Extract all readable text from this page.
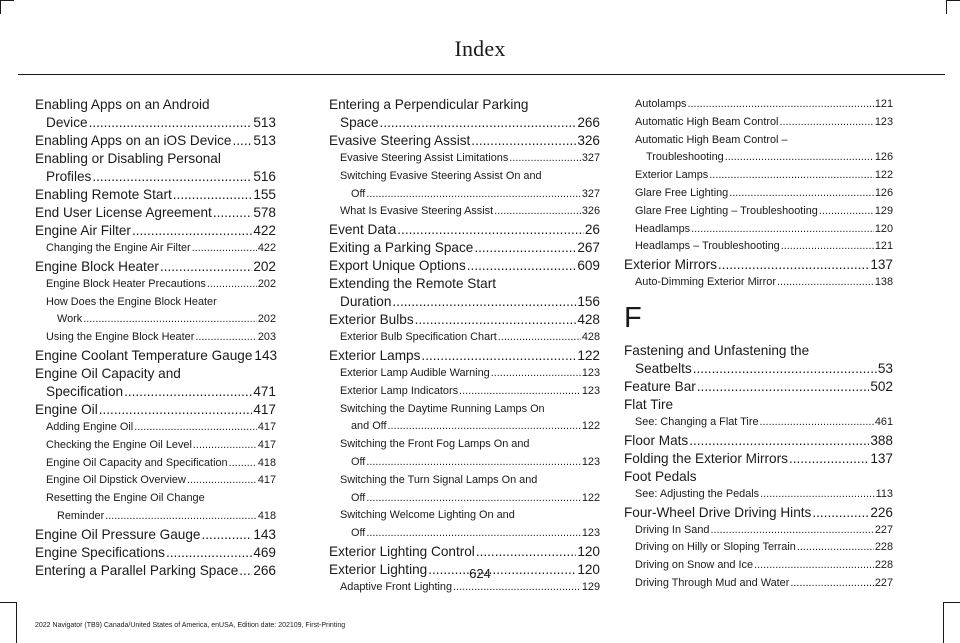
Index
Enabling Apps on an Android
Device .....	513
Enabling Apps on an iOS Device ..... 513
Enabling or Disabling Personal
Profiles .....	516
Enabling Remote Start .....	155
End User License Agreement .....	578
Engine Air Filter .....	422
Changing the Engine Air Filter .....	422
Engine Block Heater .....	202
Engine Block Heater Precautions .....	202
How Does the Engine Block Heater
Work .....	202
Using the Engine Block Heater .....	203
Engine Coolant Temperature Gauge 143
Engine Oil Capacity and
Specification .....	471
Engine Oil .....	417
Adding Engine Oil .....	417
Checking the Engine Oil Level .....	417
Engine Oil Capacity and Specification .....	418
Engine Oil Dipstick Overview .....	417
Resetting the Engine Oil Change
Reminder .....	418
Engine Oil Pressure Gauge .....	143
Engine Specifications .....	469
Entering a Parallel Parking Space ..... 266
Entering a Perpendicular Parking
Space .....	266
Evasive Steering Assist .....	326
Evasive Steering Assist Limitations .....	327
Switching Evasive Steering Assist On and
Off .....	327
What Is Evasive Steering Assist .....	326
Event Data .....	26
Exiting a Parking Space .....	267
Export Unique Options .....	609
Extending the Remote Start
Duration .....	156
Exterior Bulbs .....	428
Exterior Bulb Specification Chart .....	428
Exterior Lamps .....	122
Exterior Lamp Audible Warning .....	123
Exterior Lamp Indicators .....	123
Switching the Daytime Running Lamps On
and Off .....	122
Switching the Front Fog Lamps On and
Off .....	123
Switching the Turn Signal Lamps On and
Off .....	122
Switching Welcome Lighting On and
Off .....	123
Exterior Lighting Control .....	120
Exterior Lighting .....	120
Adaptive Front Lighting .....	129
Autolamps .....	121
Automatic High Beam Control .....	123
Automatic High Beam Control –
Troubleshooting .....	126
Exterior Lamps .....	122
Glare Free Lighting .....	126
Glare Free Lighting – Troubleshooting .....	129
Headlamps .....	120
Headlamps – Troubleshooting .....	121
Exterior Mirrors .....	137
Auto-Dimming Exterior Mirror .....	138
F
Fastening and Unfastening the
Seatbelts .....	53
Feature Bar .....	502
Flat Tire
See: Changing a Flat Tire .....	461
Floor Mats .....	388
Folding the Exterior Mirrors .....	137
Foot Pedals
See: Adjusting the Pedals .....	113
Four-Wheel Drive Driving Hints .....	226
Driving In Sand .....	227
Driving on Hilly or Sloping Terrain .....	228
Driving on Snow and Ice .....	228
Driving Through Mud and Water .....	227
624
2022 Navigator (TB9) Canada/United States of America, enUSA, Edition date: 202109, First-Printing
